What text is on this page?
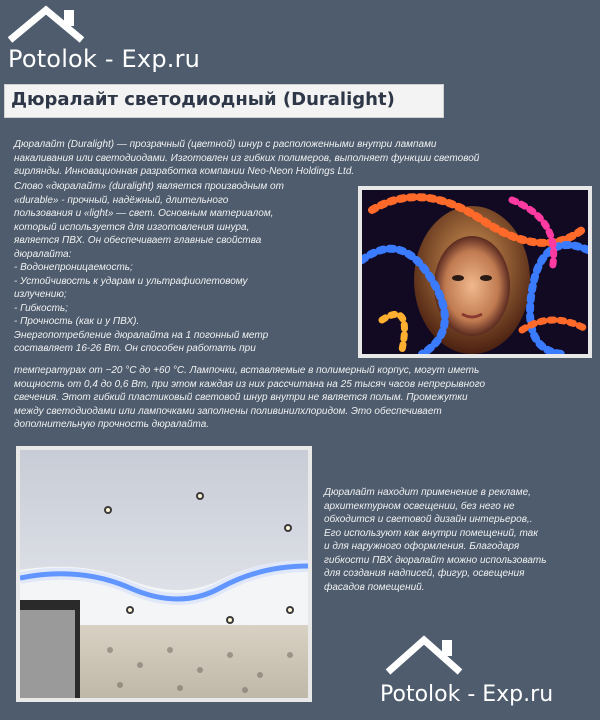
Potolok - Exp.ru
Дюралайт светодиодный (Duralight)
Дюралайт (Duralight) — прозрачный (цветной) шнур с расположенными внутри лампами
накаливания или светодиодами. Изготовлен из гибких полимеров, выполняет функции световой
гирлянды. Инновационная разработка компании Neo-Neon Holdings Ltd.
Слово «дюралайт» (duralight) является производным от
«durable» - прочный, надёжный, длительного
пользования и «light» — свет. Основным материалом,
который используется для изготовления шнура,
является ПВХ. Он обеспечивает главные свойства
дюралайта:
- Водонепроницаемость;
- Устойчивость к ударам и ультрафиолетовому
излучению;
- Гибкость;
- Прочность (как и у ПВХ).
Энергопотребление дюралайта на 1 погонный метр
составляет 16-26 Вт. Он способен работать при
температурах от −20 °C до +60 °C. Лампочки, вставляемые в полимерный корпус, могут иметь
мощность от 0,4 до 0,6 Вт, при этом каждая из них рассчитана на 25 тысяч часов непрерывного
свечения. Этот гибкий пластиковый световой шнур внутри не является полым. Промежутки
между светодиодами или лампочками заполнены поливинилхлоридом. Это обеспечивает
дополнительную прочность дюралайта.
Дюралайт находит применение в рекламе,
архитектурном освещении, без него не
обходится и световой дизайн интерьеров,.
Его используют как внутри помещений, так
и для наружного оформления. Благодаря
гибкости ПВХ дюралайт можно использовать
для создания надписей, фигур, освещения
фасадов помещений.
Potolok - Exp.ru
